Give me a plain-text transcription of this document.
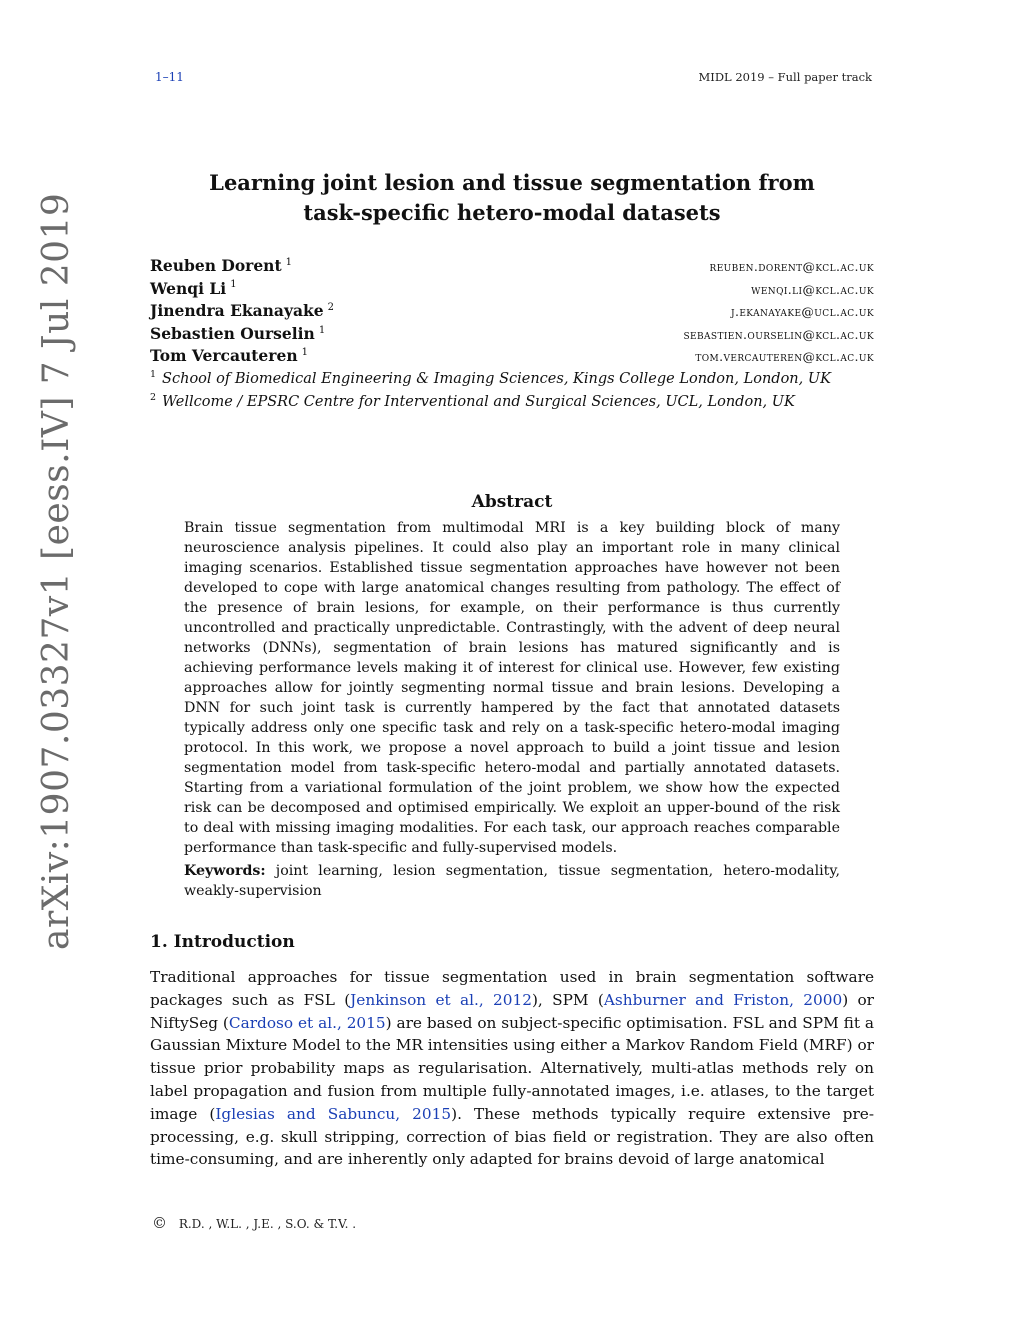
1–11	MIDL 2019 – Full paper track
arXiv:1907.03327v1 [eess.IV] 7 Jul 2019
Learning joint lesion and tissue segmentation from
task-specific hetero-modal datasets
Reuben Dorent $^1$	reuben.dorent@kcl.ac.uk
Wenqi Li $^1$	wenqi.li@kcl.ac.uk
Jinendra Ekanayake $^2$	j.ekanayake@ucl.ac.uk
Sebastien Ourselin $^1$	sebastien.ourselin@kcl.ac.uk
Tom Vercauteren $^1$	tom.vercauteren@kcl.ac.uk
$^1$ School of Biomedical Engineering & Imaging Sciences, Kings College London, London, UK
$^2$ Wellcome / EPSRC Centre for Interventional and Surgical Sciences, UCL, London, UK
Abstract
Brain tissue segmentation from multimodal MRI is a key building block of many neuroscience analysis pipelines. It could also play an important role in many clinical imaging scenarios. Established tissue segmentation approaches have however not been developed to cope with large anatomical changes resulting from pathology. The effect of the presence of brain lesions, for example, on their performance is thus currently uncontrolled and practically unpredictable. Contrastingly, with the advent of deep neural networks (DNNs), segmentation of brain lesions has matured significantly and is achieving performance levels making it of interest for clinical use. However, few existing approaches allow for jointly segmenting normal tissue and brain lesions. Developing a DNN for such joint task is currently hampered by the fact that annotated datasets typically address only one specific task and rely on a task-specific hetero-modal imaging protocol. In this work, we propose a novel approach to build a joint tissue and lesion segmentation model from task-specific hetero-modal and partially annotated datasets. Starting from a variational formulation of the joint problem, we show how the expected risk can be decomposed and optimised empirically. We exploit an upper-bound of the risk to deal with missing imaging modalities. For each task, our approach reaches comparable performance than task-specific and fully-supervised models.
Keywords: joint learning, lesion segmentation, tissue segmentation, hetero-modality, weakly-supervision
1. Introduction
Traditional approaches for tissue segmentation used in brain segmentation software packages such as FSL (Jenkinson et al., 2012), SPM (Ashburner and Friston, 2000) or NiftySeg (Cardoso et al., 2015) are based on subject-specific optimisation. FSL and SPM fit a Gaussian Mixture Model to the MR intensities using either a Markov Random Field (MRF) or tissue prior probability maps as regularisation. Alternatively, multi-atlas methods rely on label propagation and fusion from multiple fully-annotated images, i.e. atlases, to the target image (Iglesias and Sabuncu, 2015). These methods typically require extensive pre-processing, e.g. skull stripping, correction of bias field or registration. They are also often time-consuming, and are inherently only adapted for brains devoid of large anatomical
© R.D. , W.L. , J.E. , S.O. & T.V. .
